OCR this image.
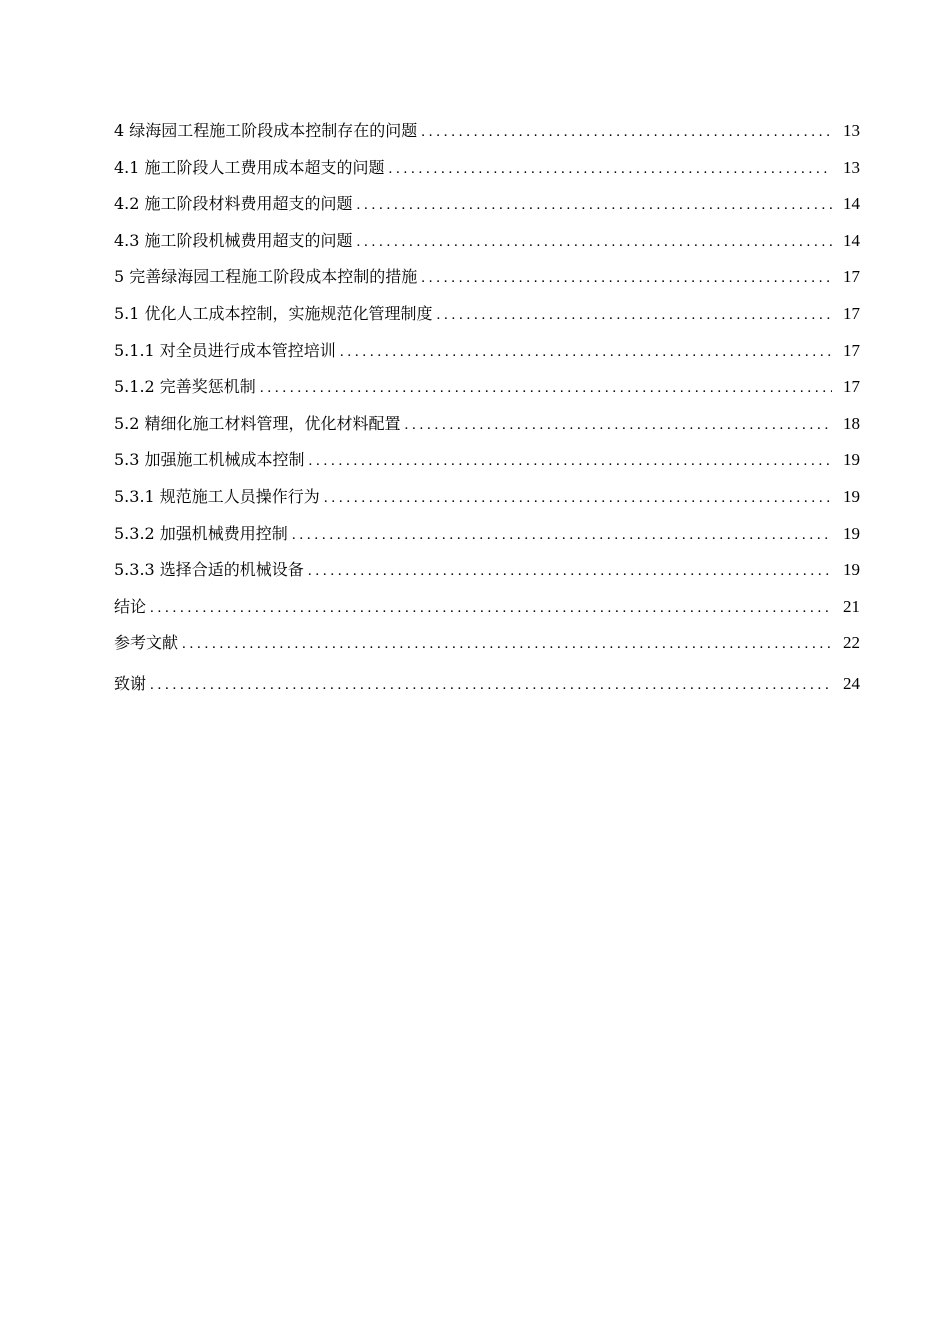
4 绿海园工程施工阶段成本控制存在的问题 . . .	13
4.1 施工阶段人工费用成本超支的问题 . . .	13
4.2 施工阶段材料费用超支的问题 . . .	14
4.3 施工阶段机械费用超支的问题 . . .	14
5 完善绿海园工程施工阶段成本控制的措施 . . .	17
5.1 优化人工成本控制，实施规范化管理制度 . . .	17
5.1.1 对全员进行成本管控培训 . . .	17
5.1.2 完善奖惩机制 . . .	17
5.2 精细化施工材料管理，优化材料配置 . . .	18
5.3 加强施工机械成本控制 . . .	19
5.3.1 规范施工人员操作行为 . . .	19
5.3.2 加强机械费用控制 . . .	19
5.3.3 选择合适的机械设备 . . .	19
结论 . . .	21
参考文献 . . .	22
致谢 . . .	24
